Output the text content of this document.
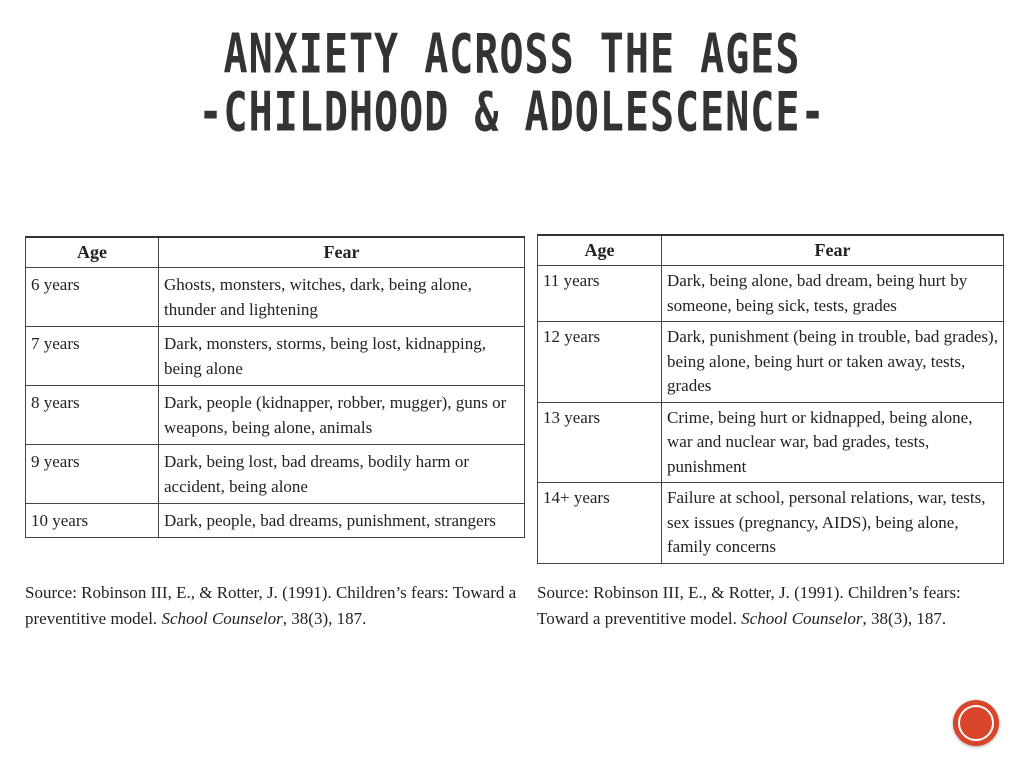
ANXIETY ACROSS THE AGES
-CHILDHOOD & ADOLESCENCE-
Age	Fear
6 years	Ghosts, monsters, witches, dark, being alone, thunder and lightening
7 years	Dark, monsters, storms, being lost, kidnapping, being alone
8 years	Dark, people (kidnapper, robber, mugger), guns or weapons, being alone, animals
9 years	Dark, being lost, bad dreams, bodily harm or accident, being alone
10 years	Dark, people, bad dreams, punishment, strangers
Age	Fear
11 years	Dark, being alone, bad dream, being hurt by someone, being sick, tests, grades
12 years	Dark, punishment (being in trouble, bad grades), being alone, being hurt or taken away, tests, grades
13 years	Crime, being hurt or kidnapped, being alone, war and nuclear war, bad grades, tests, punishment
14+ years	Failure at school, personal relations, war, tests, sex issues (pregnancy, AIDS), being alone, family concerns
Source: Robinson III, E., & Rotter, J. (1991). Children’s fears: Toward a preventitive model. School Counselor, 38(3), 187.
Source: Robinson III, E., & Rotter, J. (1991). Children’s fears: Toward a preventitive model. School Counselor, 38(3), 187.
